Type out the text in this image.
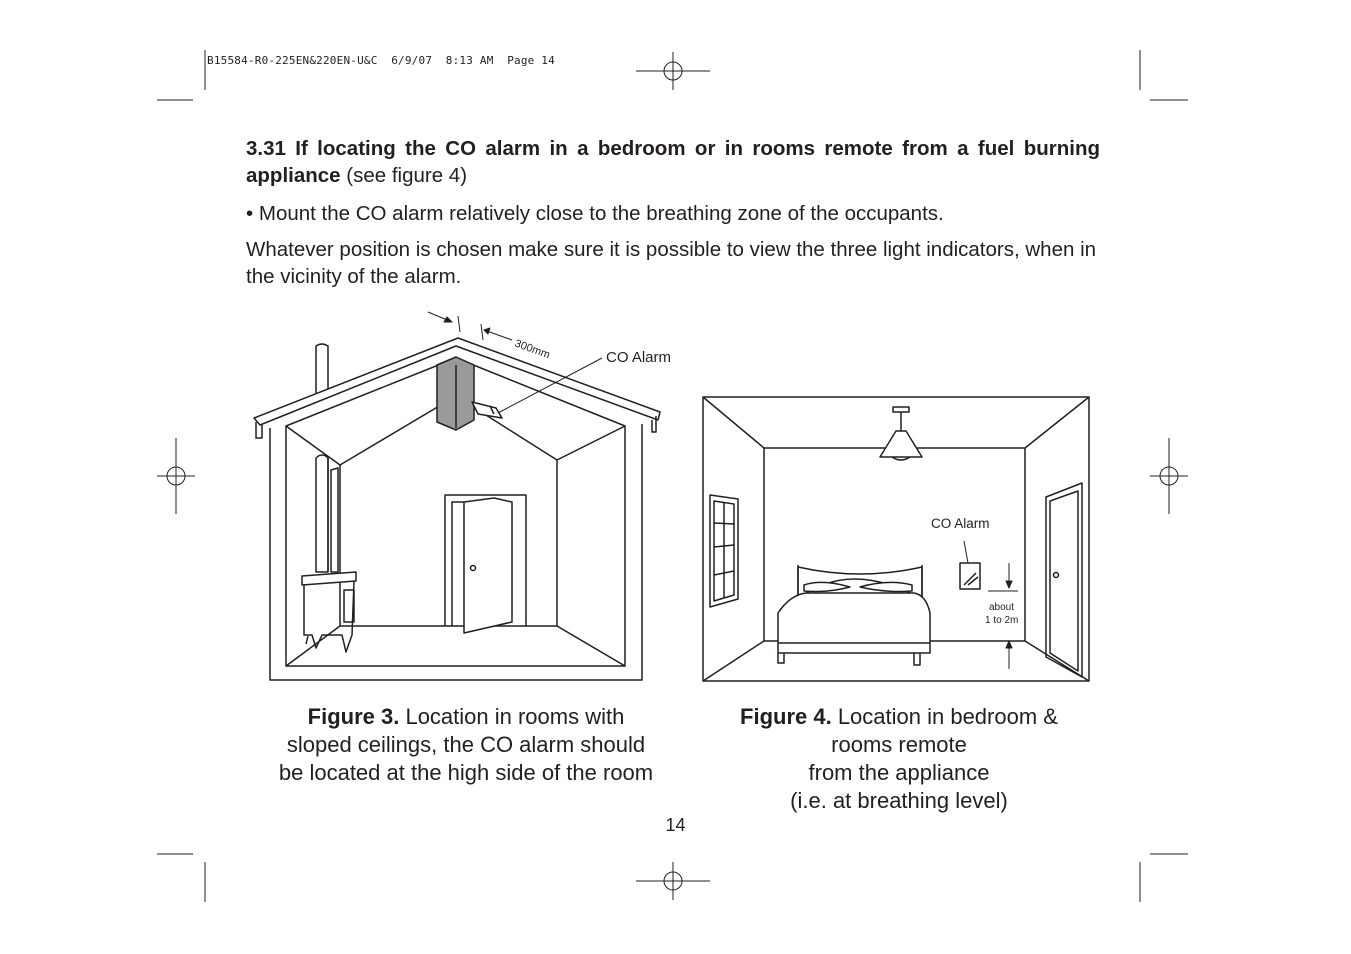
B15584-R0-225EN&220EN-U&C  6/9/07  8:13 AM  Page 14
3.31 If locating the CO alarm in a bedroom or in rooms remote from a fuel burning appliance (see figure 4)
• Mount the CO alarm relatively close to the breathing zone of the occupants.
Whatever position is chosen make sure it is possible to view the three light indicators, when in the vicinity of the alarm.
300mm	CO Alarm
CO Alarm
about
1 to 2m
Figure 3. Location in rooms with
sloped ceilings, the CO alarm should
be located at the high side of the room
Figure 4. Location in bedroom &
rooms remote
from the appliance
(i.e. at breathing level)
14
